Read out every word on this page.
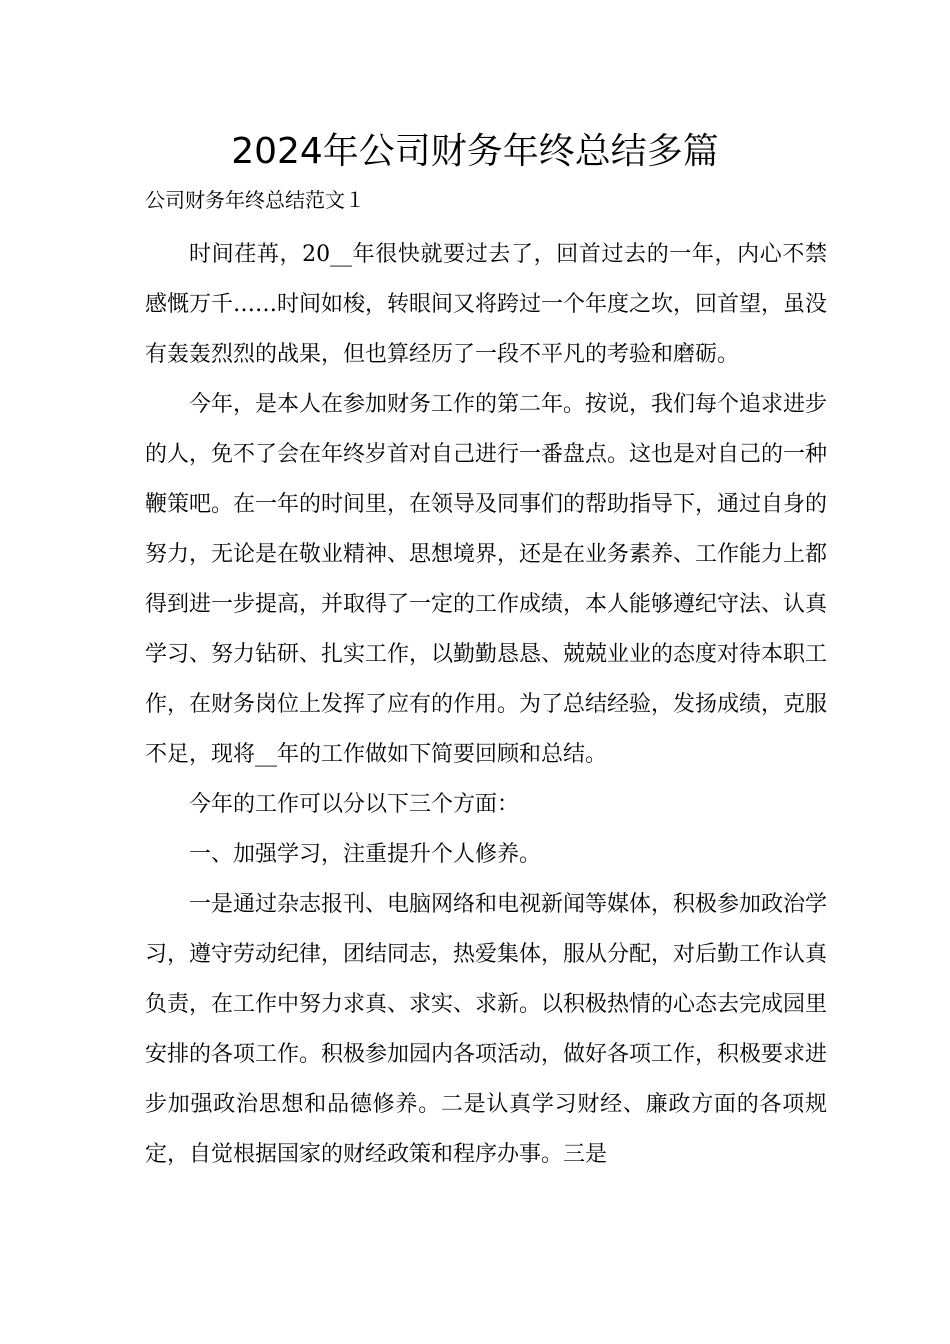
2024年公司财务年终总结多篇

公司财务年终总结范文１

时间荏苒，20__年很快就要过去了，回首过去的一年，内心不禁感慨万千……时间如梭，转眼间又将跨过一个年度之坎，回首望，虽没有轰轰烈烈的战果，但也算经历了一段不平凡的考验和磨砺。

今年，是本人在参加财务工作的第二年。按说，我们每个追求进步的人，免不了会在年终岁首对自己进行一番盘点。这也是对自己的一种鞭策吧。在一年的时间里，在领导及同事们的帮助指导下，通过自身的努力，无论是在敬业精神、思想境界，还是在业务素养、工作能力上都得到进一步提高，并取得了一定的工作成绩，本人能够遵纪守法、认真学习、努力钻研、扎实工作，以勤勤恳恳、兢兢业业的态度对待本职工作，在财务岗位上发挥了应有的作用。为了总结经验，发扬成绩，克服不足，现将__年的工作做如下简要回顾和总结。

今年的工作可以分以下三个方面：

一、加强学习，注重提升个人修养。

一是通过杂志报刊、电脑网络和电视新闻等媒体，积极参加政治学习，遵守劳动纪律，团结同志，热爱集体，服从分配，对后勤工作认真负责，在工作中努力求真、求实、求新。以积极热情的心态去完成园里安排的各项工作。积极参加园内各项活动，做好各项工作，积极要求进步加强政治思想和品德修养。二是认真学习财经、廉政方面的各项规定，自觉根据国家的财经政策和程序办事。三是
